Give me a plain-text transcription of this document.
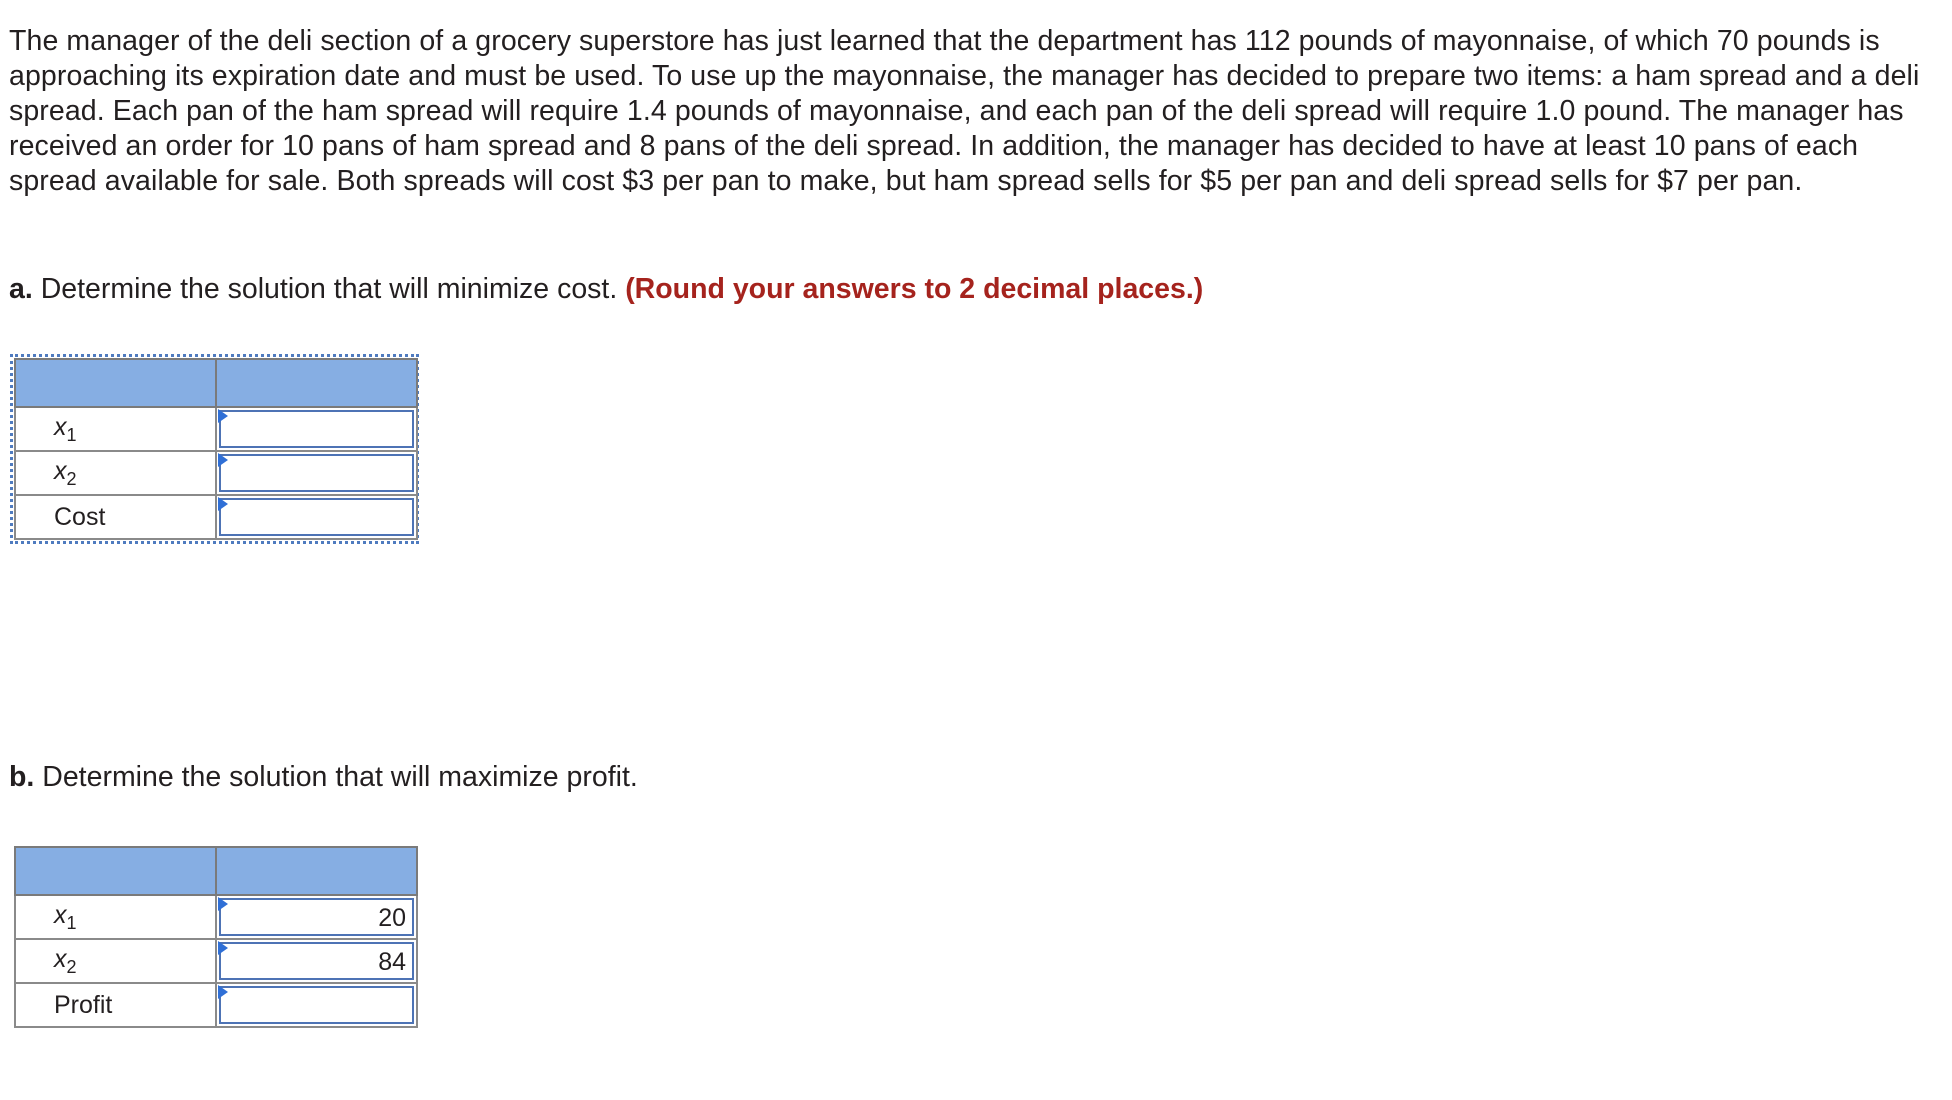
The manager of the deli section of a grocery superstore has just learned that the department has 112 pounds of mayonnaise, of which 70 pounds is approaching its expiration date and must be used. To use up the mayonnaise, the manager has decided to prepare two items: a ham spread and a deli spread. Each pan of the ham spread will require 1.4 pounds of mayonnaise, and each pan of the deli spread will require 1.0 pound. The manager has received an order for 10 pans of ham spread and 8 pans of the deli spread. In addition, the manager has decided to have at least 10 pans of each spread available for sale. Both spreads will cost $3 per pan to make, but ham spread sells for $5 per pan and deli spread sells for $7 per pan.

a. Determine the solution that will minimize cost. (Round your answers to 2 decimal places.)

$x_1$	

$x_2$	

Cost	

b. Determine the solution that will maximize profit.

$x_1$	20

$x_2$	84

Profit	
